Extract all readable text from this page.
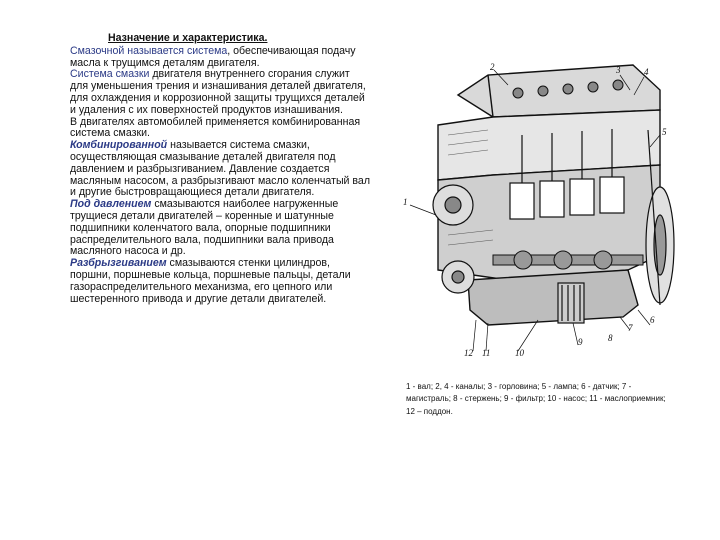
Назначение и характеристика.

Смазочной называется система, обеспечивающая подачу масла к трущимся деталям двигателя.

Система смазки двигателя внутреннего сгорания служит для уменьшения трения и изнашивания деталей двигателя, для охлаждения и коррозионной защиты трущихся деталей и удаления с их поверхностей продуктов изнашивания.

В двигателях автомобилей применяется комбинированная система смазки.

Комбинированной называется система смазки, осуществляющая смазывание деталей двигателя под давлением и разбрызгиванием. Давление создается масляным насосом, а разбрызгивают масло коленчатый вал и другие быстровращающиеся детали двигателя.

Под давлением смазываются наиболее нагруженные трущиеся детали двигателей – коренные и шатунные подшипники коленчатого вала, опорные подшипники распределительного вала, подшипники вала привода масляного насоса и др.

Разбрызгиванием смазываются стенки цилиндров, поршни, поршневые кольца, поршневые пальцы, детали газораспределительного механизма, его цепного или шестеренного привода и другие детали двигателей.

1
2	3	4
5
6
7
8
9
10
11
12
1 - вал; 2, 4 - каналы; 3 - горловина; 5 - лампа; 6 - датчик; 7 - магистраль; 8 - стержень; 9 - фильтр; 10 - насос; 11 - маслоприемник; 12 – поддон.
